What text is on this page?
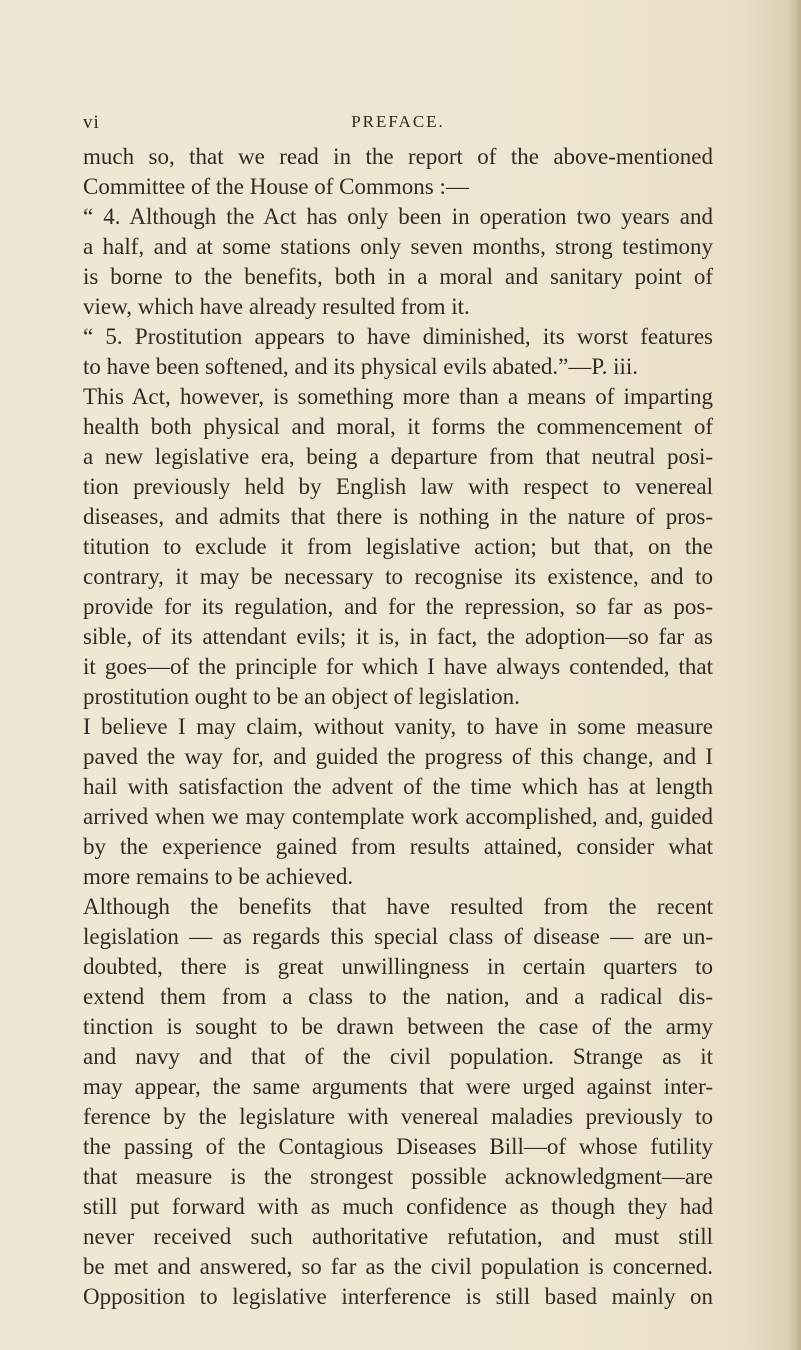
vi	PREFACE.
much so, that we read in the report of the above-mentioned
Committee of the House of Commons :—
“ 4. Although the Act has only been in operation two years and
a half, and at some stations only seven months, strong testimony
is borne to the benefits, both in a moral and sanitary point of
view, which have already resulted from it.
“ 5. Prostitution appears to have diminished, its worst features
to have been softened, and its physical evils abated.”—P. iii.
This Act, however, is something more than a means of imparting
health both physical and moral, it forms the commencement of
a new legislative era, being a departure from that neutral posi-
tion previously held by English law with respect to venereal
diseases, and admits that there is nothing in the nature of pros-
titution to exclude it from legislative action; but that, on the
contrary, it may be necessary to recognise its existence, and to
provide for its regulation, and for the repression, so far as pos-
sible, of its attendant evils; it is, in fact, the adoption—so far as
it goes—of the principle for which I have always contended, that
prostitution ought to be an object of legislation.
I believe I may claim, without vanity, to have in some measure
paved the way for, and guided the progress of this change, and I
hail with satisfaction the advent of the time which has at length
arrived when we may contemplate work accomplished, and, guided
by the experience gained from results attained, consider what
more remains to be achieved.
Although the benefits that have resulted from the recent
legislation — as regards this special class of disease — are un-
doubted, there is great unwillingness in certain quarters to
extend them from a class to the nation, and a radical dis-
tinction is sought to be drawn between the case of the army
and navy and that of the civil population. Strange as it
may appear, the same arguments that were urged against inter-
ference by the legislature with venereal maladies previously to
the passing of the Contagious Diseases Bill—of whose futility
that measure is the strongest possible acknowledgment—are
still put forward with as much confidence as though they had
never received such authoritative refutation, and must still
be met and answered, so far as the civil population is concerned.
Opposition to legislative interference is still based mainly on
